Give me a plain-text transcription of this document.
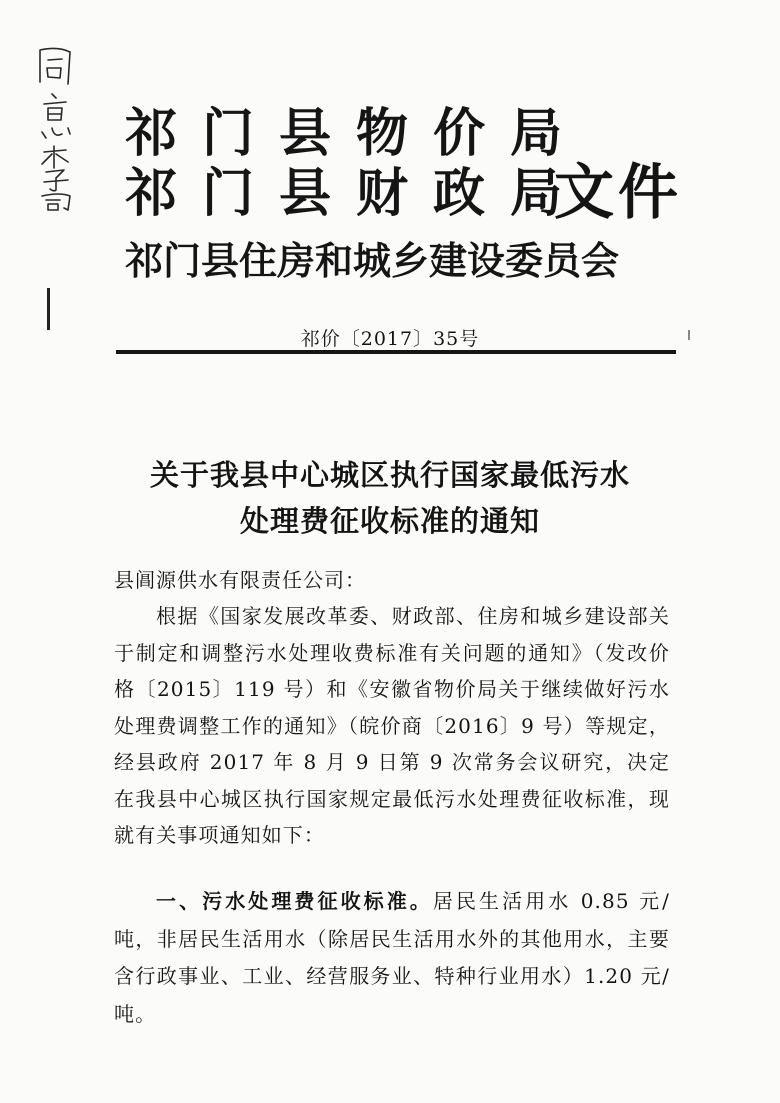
祁门县物价局
祁门县财政局
祁门县住房和城乡建设委员会
文件
祁价〔2017〕35号
关于我县中心城区执行国家最低污水
处理费征收标准的通知
县阊源供水有限责任公司：
根据《国家发展改革委、财政部、住房和城乡建设部关于制定和调整污水处理收费标准有关问题的通知》（发改价格〔2015〕119 号）和《安徽省物价局关于继续做好污水处理费调整工作的通知》（皖价商〔2016〕9 号）等规定，经县政府 2017 年 8 月 9 日第 9 次常务会议研究，决定在我县中心城区执行国家规定最低污水处理费征收标准，现就有关事项通知如下：
一、污水处理费征收标准。居民生活用水 0.85 元/吨，非居民生活用水（除居民生活用水外的其他用水，主要含行政事业、工业、经营服务业、特种行业用水）1.20 元/吨。
